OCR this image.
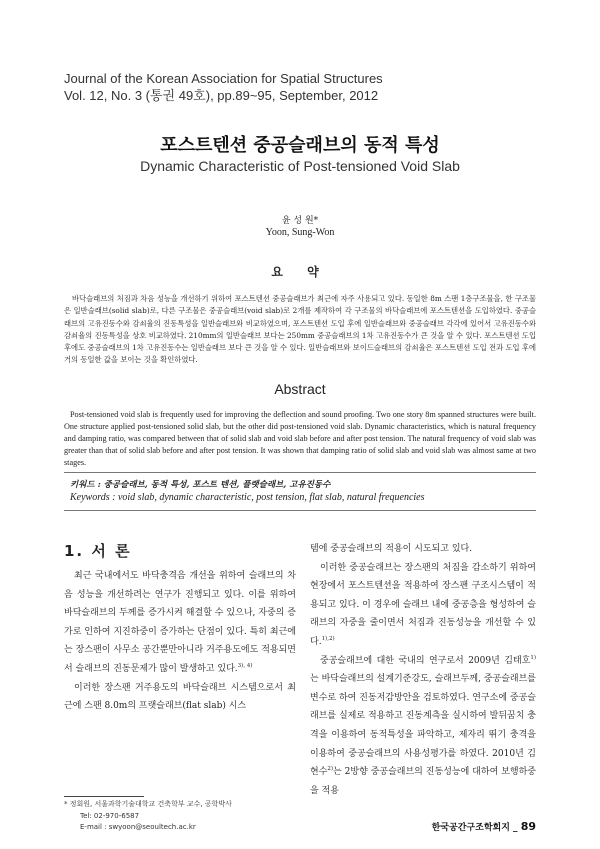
Journal of the Korean Association for Spatial Structures
Vol. 12, No. 3 (통권 49호), pp.89~95, September, 2012
포스트텐션 중공슬래브의 동적 특성
Dynamic Characteristic of Post-tensioned Void Slab
윤 성 원*
Yoon, Sung-Won
요 약
바닥슬래브의 처짐과 차음 성능을 개선하기 위하여 포스트텐션 중공슬래브가 최근에 자주 사용되고 있다. 동일한 8m 스팬 1층구조물을, 한 구조물은 일반슬래브(solid slab)로, 다른 구조물은 중공슬래브(void slab)로 2개를 제작하여 각 구조물의 바닥슬래브에 포스트텐션을 도입하였다. 중공슬래브의 고유진동수와 감쇠율의 진동특성을 일반슬래브와 비교하였으며, 포스트텐션 도입 후에 일반슬래브와 중공슬래브 각각에 있어서 고유진동수와 감쇠율의 진동특성을 상호 비교하였다. 210mm의 일반슬래브 보다는 250mm 중공슬래브의 1차 고유진동수가 큰 것을 알 수 있다. 포스트텐션 도입 후에도 중공슬래브의 1차 고유진동수는 일반슬래브 보다 큰 것을 알 수 있다. 일반슬래브와 보이드슬래브의 감쇠율은 포스트텐션 도입 전과 도입 후에 거의 동일한 값을 보이는 것을 확인하였다.
Abstract
Post-tensioned void slab is frequently used for improving the deflection and sound proofing. Two one story 8m spanned structures were built. One structure applied post-tensioned solid slab, but the other did post-tensioned void slab. Dynamic characteristics, which is natural frequency and damping ratio, was compared between that of solid slab and void slab before and after post tension. The natural frequency of void slab was greater than that of solid slab before and after post tension. It was shown that damping ratio of solid slab and void slab was almost same at two stages.
키워드 : 중공슬래브, 동적 특성, 포스트 텐션, 플랫슬래브, 고유진동수
Keywords : void slab, dynamic characteristic, post tension, flat slab, natural frequencies
1. 서 론
최근 국내에서도 바닥충격음 개선을 위하여 슬래브의 차음 성능을 개선하려는 연구가 진행되고 있다. 이를 위하여 바닥슬래브의 두께를 증가시켜 해결할 수 있으나, 자중의 증가로 인하여 지진하중이 증가하는 단점이 있다. 특히 최근에는 장스팬이 사무소 공간뿐만아니라 거주용도에도 적용되면서 슬래브의 진동문제가 많이 발생하고 있다.$^{3), 4)}$
이러한 장스팬 거주용도의 바닥슬래브 시스템으로서 최근에 스팬 8.0m의 프랫슬래브(flat slab) 시스
템에 중공슬래브의 적용이 시도되고 있다.
이러한 중공슬래브는 장스팬의 처짐을 감소하기 위하여 현장에서 포스트텐션을 적용하여 장스팬 구조시스템이 적용되고 있다. 이 경우에 슬래브 내에 중공층을 형성하여 슬래브의 자중을 줄이면서 처짐과 진동성능을 개선할 수 있다.$^{1),2)}$
중공슬래브에 대한 국내의 연구로서 2009년 김태호$^{1)}$는 바닥슬래브의 설계기준강도, 슬래브두께, 중공슬래브를 변수로 하여 진동저감방안을 검토하였다. 연구소에 중공슬래브를 실제로 적용하고 진동계측을 실시하여 발뒤꿈치 충격을 이용하여 동적특성을 파악하고, 제자리 뛰기 충격을 이용하여 중공슬래브의 사용성평가를 하였다. 2010년 김현수$^{2)}$는 2방향 중공슬래브의 진동성능에 대하여 보행하중을 적용
* 정회원, 서울과학기술대학교 건축학부 교수, 공학박사
Tel: 02-970-6587
E-mail : swyoon@seoultech.ac.kr	한국공간구조학회지 _ 89
